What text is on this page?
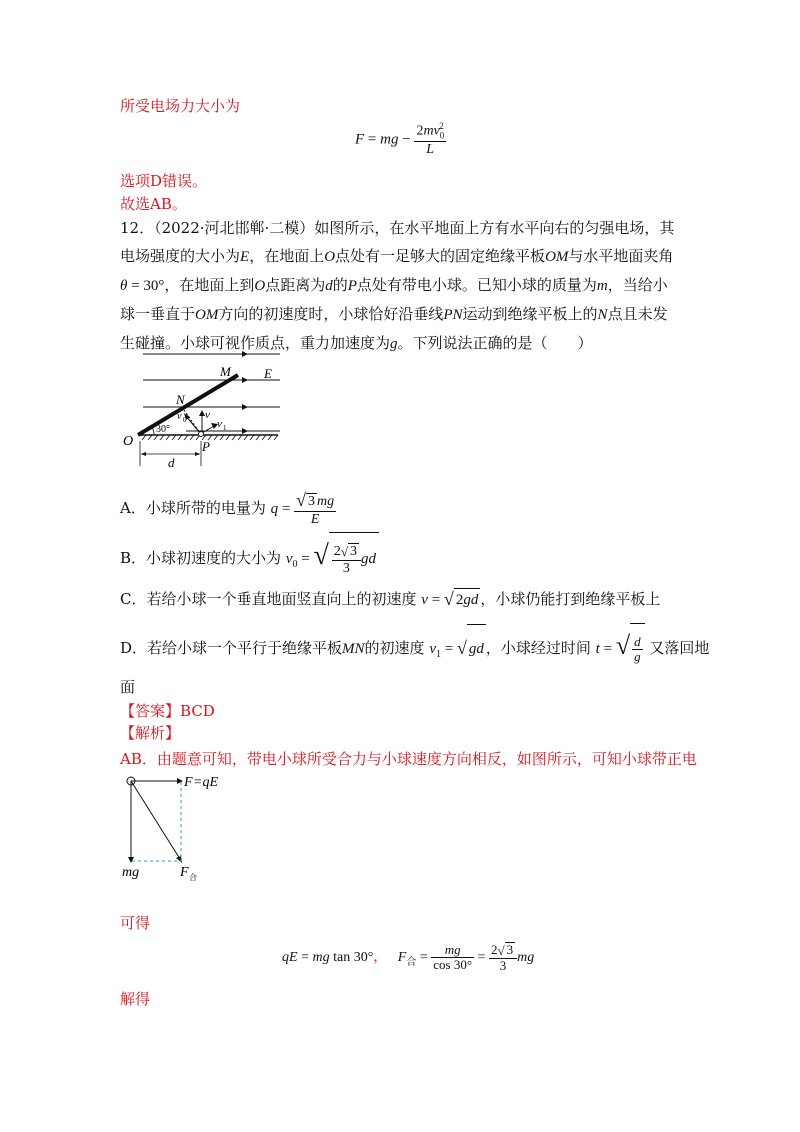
所受电场力大小为
F = mg − $\frac{2mv_0^2}{L}$
选项D错误。
故选AB。
12．（2022·河北邯郸·二模）如图所示，在水平地面上方有水平向右的匀强电场，其电场强度的大小为E，在地面上O点处有一足够大的固定绝缘平板OM与水平地面夹角θ = 30°，在地面上到O点距离为d的P点处有带电小球。已知小球的质量为m，当给小球一垂直于OM方向的初速度时，小球恰好沿垂线PN运动到绝缘平板上的N点且未发生碰撞。小球可视作质点，重力加速度为g。下列说法正确的是（　　）
M	E
N
v 0 v
v 1
30°
O	P
d
A．小球所带的电量为 $q = \frac{√ 3 mg}{E}$
B．小球初速度的大小为 $v_0$ = √ $\frac{2√ 3}{3}$ gd
C．若给小球一个垂直地面竖直向上的初速度 v = √ 2gd ，小球仍能打到绝缘平板上
D．若给小球一个平行于绝缘平板MN的初速度 $v_1$ = √ gd ，小球经过时间 t = √ $\frac{d}{g}$ 又落回地
面
【答案】BCD
【解析】
AB．由题意可知，带电小球所受合力与小球速度方向相反，如图所示，可知小球带正电
F =qE
mg	F 合
可得
qE = mg tan 30°， $F_合 = \frac{mg}{\cos 30^\circ} = \frac{2√ 3}{3}$ mg
解得
